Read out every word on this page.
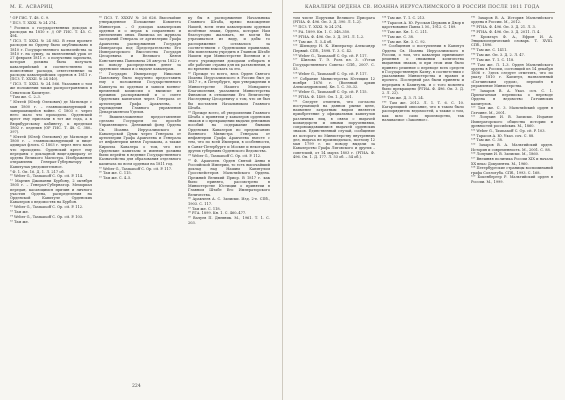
М. Е. АСВАРИЦ

¹ ОР ГИС. Т. 48. С. 9.

² ПСЗ. Т. XXXI. № 24 274.

³ Роспись о государственных доходах и расходах на 1810 г. // ОР ГИС. Т. 45. С. 494.

⁴ ПСЗ. Т. XXXI. № 24 882. В этом проекте расходов по Ордену было опубликовано в 1810 г. Государственного казначейства за 1810 г. на сумму, за включенный урок от 27 февраля 1811 г. о получении зарплаты, которая должна была получать кавалерийский и соответственно за помесячные расходы, ответственные за расходы кавалерийских орденов в 1811 г. (ПСЗ. Т. XXXII. № 24 540).

⁵ ПСЗ. Т. XXXI. № 24 566. Указания о том же положении также распространялись в Сенатском Капитуле.

⁶ Там же. С. 2–3.

⁷ Юхтей (Юзеф Олехович) де Матильде с мая 1800 г. – главнокомандующий в завершающейся войне. С 1803 г. через него мало что проходило. Орденский крест ему прислали в тот же года, а к Вюрцбургскому кабинету, к пределам 1802 г. изделия (ОР ГИС. Т. 48. С. 380–397).

⁸ Юхтей (Юзеф Олехович) де Матильде в 1800 г. – главнокомандующий и вице-адмирал флота. С 1803 г. через него мало что проходило. Орденский крест ему переданы с докладной вице-адмиралу от ордена Великого Магистра. Изображения отправлены Генерал-Губернатору в Капитулах уведомительное.

⁹ Ф. 1. Оп. 16. Д. 1. Л. 217 об.

¹⁰ Weber G., Tasmanoff C. Op. cit. P. 114.

¹¹ Мартин Джованни Бурбону, 2 октября 1805 г. – Генерал-Губернатор. Мемориал передан, касающимся причин и личного участия Ордена, распределения на Орденской Капитуле Орденских Кавалеров о ведомостях на Бурбон.

¹² Weber G., Tasmanoff C. Op. cit. P. 112.

¹³ Там же.

¹⁴ Weber G., Tasmanoff C. Op. cit. P. 103.

¹⁵ Там же.

¹⁶ ПСЗ. Т. XXXIV. № 26 626. Высочайше утвержденное Положение Комитета Министров. – О доходах кавалерских орденов и о мерах к сохранению и увеличению оных. Выписка из журнала заседаний Генерала от артиллерии Графа Аракчеева распоряжения Государя Императора под Председательство Его Императорского Высочества Государя Цесаревича и Великого Князя Константина Павловича 28 августа 1822 г. по поводу распределения денег за орденские знаки и о выдаче кавалерам.

¹⁷ Государю Императору Николаю Павловичу было поручено предоставить ему о положении Государственного Капитула по орденам и записи военно-временной комиссии о выписке из прежних распоряжений и о смете Орденских капиталов через Генерала от артиллерии Графа Аракчеева, с учреждения Главного управления Департаментом Уделов.

¹⁸ Вышеизложенное предоставление сделано Государем по просьбе Управляющего. Денежный фонд Ордена Св. Иоанна Иерусалимского и Кавалерской Думы через Генерала от артиллерии Графа Аракчеева и Генерала от инфантерии князя Горчакова, а также Кирилла Кавалера о том, что все Орденские капиталы и имения должны были перейти в ведение Государственного Казначейства для образования отдельного капитала по всем орденам на 1811 год.

¹⁹ Weber G., Tasmanoff C. Op. cit. P. 117.

²⁰ Там же. С. 115.

²¹ Там же. С. 4–5.

ку бы в распоряжение Начальника Главного Штаба, прямо нахождение Нашей, всем этим кавалерским орденам почётные знаки, Ордена, которые Нам благоугодно жаловать, не могли бы утрачиваться из виду, и дабы то распоряжение оставалось за соответствием с Орденскими правилами, Мы повелеваем учредить в Главном Штабе Нашем при Министерстве Военном и с этого учреждения доходами отбирать в обе рабочие страны для их разъяснения, и по времени взыскать за это.

²² Прежде то всего, весь Орден Святого Иоанна Иерусалимского в России был до 1817 г., в Петербурге, при утверждении в Министерстве Нашего Монаршего Благоволения, указанием Министерства Финансов в отношении Его Величеству Наследнику Цесаревичу о том, что он был бы поставлен Начальником Главного Штаба.

²³ Прежде всего, об уведомлении Главного Штаба о принятии у кавалеров орденских знаков и о прекращении выдачи денежных пособий на содержание бывших Орденских Кавалеров по предписанию Военного Министра Генерала от инфантерии Графа Аракчеева вместе с тем, что по всей Империи, в особенности, в Санкт-Петербурге и Москве и некоторых других губерниях Орденского Ведомства.

²⁴ Weber G., Tasmanoff C. Op. cit. P. 112.

²⁵ Ф. Аракчеев. Орден Святой Анны в Российской Империи, то есть высочайший доклад над Нашим Капитулом Гроссмейстеров Мальтийского Ордена. Прежний Великий Приор. В 1817 г. как было принято, рассмотрено в Министерстве Юстиции о принятии в Главном Штабе Его Императорского Величества.

²⁶ Аракчеев А. С. Записки. Изд. 2-е. СПб., 1903. С. 117.

²⁷ Там же. С. 118.

²⁸ РГА. 1899. Кн. 1. С. 460–477.

²⁹ Валуев П. Дневник. М., 1961. Т. 1. С. 203.

224
КАВАЛЕРЫ ОРДЕНА СВ. ИОАННА ИЕРУСАЛИМСКОГО В РОССИИ ПОСЛЕ 1811 ГОДА

том числе Поручики Великого Приората (РГИА. Ф. 496. Оп. 3. Д. 390. Л. 1–2).

¹²¹ ПСЗ. Т. XXXI. № 24 274.

¹²² РА. 1899. Кн. 1. С. 348–350.

¹²³ РГИА. Ф. 496. Оп. 3. Д. 391. Л. 1–2.

¹²⁴ Там же. Л. 3–4 об.

¹²⁵ Шильдер Н. К. Император Александр Первый. СПб., 1898. Т. 3. С. 42.

¹²⁶ Weber G., Tasmanoff C. Op. cit. P. 117.

¹²⁷ Шилова Т. Э. Роль пл. 3. «Устав Государственного Совета» СПб., 2007. С. 53.

¹²⁸ Weber G., Tasmanoff C. Op. cit. P. 117.

¹²⁹ Собрание Министерства Юстиции 12 ноября 1876 г. (Военный архив Александровских). Кн. 1. С. 30–32.

¹³⁰ Weber G., Tasmanoff C. Op. cit. P. 115.

¹³¹ РГИА. Ф. 1409. Оп. 1. Д. 201.

¹³² Следует отметить, что согласно поступающей на данном рынке цене, наименее затратным видом является приобретение у официальных капитулов различных лиц, в связи с выдачей командорств и иными поручениями, сопровождавшимися выдачей орденских знаков. Единственный случай, сообщение из которого по Министерству внутренних дел, выдача не производилась, поэтому 12 мая 1799 г. по поводу выдачи за Кавалерство Графа Лиговского и других – советский, от 14 марта 1803 г. (РГИА. Ф. 496. Оп. 1. Д. 177. Л. 53 об. – 54 об.).

¹³³ Там же. Т. 1. С. 213.

¹³⁴ Тарасов А. Ю. Русская Церковь и Двор в царствование Павла I. М., 1912. С. 189.

¹³⁵ Там же. Кн. 1. С. 211.

¹³⁶ Там же. С. 38.

¹³⁷ Там же. Кн. 3. С. 92.

¹³⁸ Сообщения о поступлении в Капитул Ордена Св. Иоанна Иерусалимского в России, о том, что кавалеры принимают решения о снижении количества выданных знаков, и при этом ими было принято решение о переводе всех средств в Государственную Казну, в соответствии с указаниями Министерства и правил и прочего. Последний раз были приняты и переданы в Капитулы, и с того момента было прекращено (РГИА. Ф. 496. Оп. 3. Д. 2. Л. 22).

¹³⁹ Там же. Д. 3. Л. 24.

¹⁴⁰ Там же. 2012. Л. 1. Т. 6. С. 10. Кагарлицкий описание, что в таком было распорядитель ведомостей, а также о том, как шло само производство, так называемое «Законное».

¹⁴¹ Захаров В. А. История Мальтийского ордена в России. М., 2012.

¹⁴² РГИА. Ф. 496. Оп. 3. Д. 21. Л. 3.

¹⁴³ РГИА. Ф. 496. Оп. 3. Д. 2011. Л. 4.

¹⁴⁴ Брокгауз Ф. А., Ефрон И. А. Энциклопедический словарь. Т. XVIII. СПб., 1896.

¹⁴⁵ Там же. С. 1411.

¹⁴⁶ Там же. Оп. 3. Д. 2. Л. 47.

¹⁴⁷ Там же. Т. 1. С. 118.

¹⁴⁸ Там же. Л. 1–3. Орден Мальтийского ордена в России, состоящий из 14 декабря 1806 г. Здесь следует отметить, что по указу 1810 г. Капитул, назначенный «Гатчинским судом», перешёл в управление Министерства.

¹⁴⁹ Захаров В. А. Указ. соч. С. 1. Прилагаемая переписка о переводе Ордена в ведомство Гатчинских капитулов.

¹⁵⁰ Там же. С. 3. Мальтийский орден в Гатчине. М., 2001.

¹⁵¹ Лопухин И. В. Записки. Издание Императорского общества истории и древностей российских. М., 1860.

¹⁵² Weber G., Tasmanoff C. Op. cit. P. 103.

¹⁵³ Тарасов А. Ю. Указ. соч. С. 88.

¹⁵⁴ Там же. С. 38.

¹⁵⁵ Захаров В. А. Мальтийский орден. История и современность. М., 2001. С. 88.

¹⁵⁶ Лопухин И. В. Записки. М., 1860.

¹⁵⁷ Внешняя политика России XIX и начала XX века: Документы. М., 1960.

¹⁵⁸ Петербургские страницы воспоминаний графа Соллогуба. СПб., 1993. С. 168.

¹⁵⁹ Бокенбергер Р. Мальтийский орден в России. М., 1999.
